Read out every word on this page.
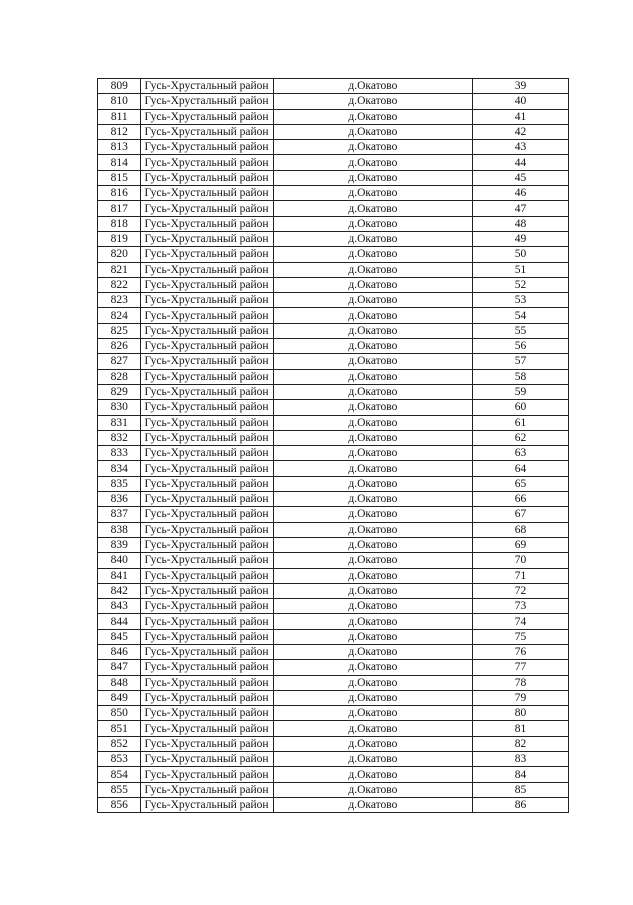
809	Гусь-Хрустальный район	д.Окатово	39
810	Гусь-Хрустальный район	д.Окатово	40
811	Гусь-Хрустальный район	д.Окатово	41
812	Гусь-Хрустальный район	д.Окатово	42
813	Гусь-Хрустальный район	д.Окатово	43
814	Гусь-Хрустальный район	д.Окатово	44
815	Гусь-Хрустальный район	д.Окатово	45
816	Гусь-Хрустальный район	д.Окатово	46
817	Гусь-Хрустальный район	д.Окатово	47
818	Гусь-Хрустальный район	д.Окатово	48
819	Гусь-Хрустальный район	д.Окатово	49
820	Гусь-Хрустальный район	д.Окатово	50
821	Гусь-Хрустальный район	д.Окатово	51
822	Гусь-Хрустальный район	д.Окатово	52
823	Гусь-Хрустальный район	д.Окатово	53
824	Гусь-Хрустальный район	д.Окатово	54
825	Гусь-Хрустальный район	д.Окатово	55
826	Гусь-Хрустальный район	д.Окатово	56
827	Гусь-Хрустальный район	д.Окатово	57
828	Гусь-Хрустальный район	д.Окатово	58
829	Гусь-Хрустальный район	д.Окатово	59
830	Гусь-Хрустальный район	д.Окатово	60
831	Гусь-Хрустальный район	д.Окатово	61
832	Гусь-Хрустальный район	д.Окатово	62
833	Гусь-Хрустальный район	д.Окатово	63
834	Гусь-Хрустальный район	д.Окатово	64
835	Гусь-Хрустальный район	д.Окатово	65
836	Гусь-Хрустальный район	д.Окатово	66
837	Гусь-Хрустальный район	д.Окатово	67
838	Гусь-Хрустальный район	д.Окатово	68
839	Гусь-Хрустальный район	д.Окатово	69
840	Гусь-Хрустальный район	д.Окатово	70
841	Гусь-Хрустальцый район	д.Окатово	71
842	Гусь-Хрустальный район	д.Окатово	72
843	Гусь-Хрустальный район	д.Окатово	73
844	Гусь-Хрустальный район	д.Окатово	74
845	Гусь-Хрустальный район	д.Окатово	75
846	Гусь-Хрустальный район	д.Окатово	76
847	Гусь-Хрустальный район	д.Окатово	77
848	Гусь-Хрустальный район	д.Окатово	78
849	Гусь-Хрустальный район	д.Окатово	79
850	Гусь-Хрустальный район	д.Окатово	80
851	Гусь-Хрустальный район	д.Окатово	81
852	Гусь-Хрустальный район	д.Окатово	82
853	Гусь-Хрустальный район	д.Окатово	83
854	Гусь-Хрустальный район	д.Окатово	84
855	Гусь-Хрустальный район	д.Окатово	85
856	Гусь-Хрустальный район	д.Окатово	86
